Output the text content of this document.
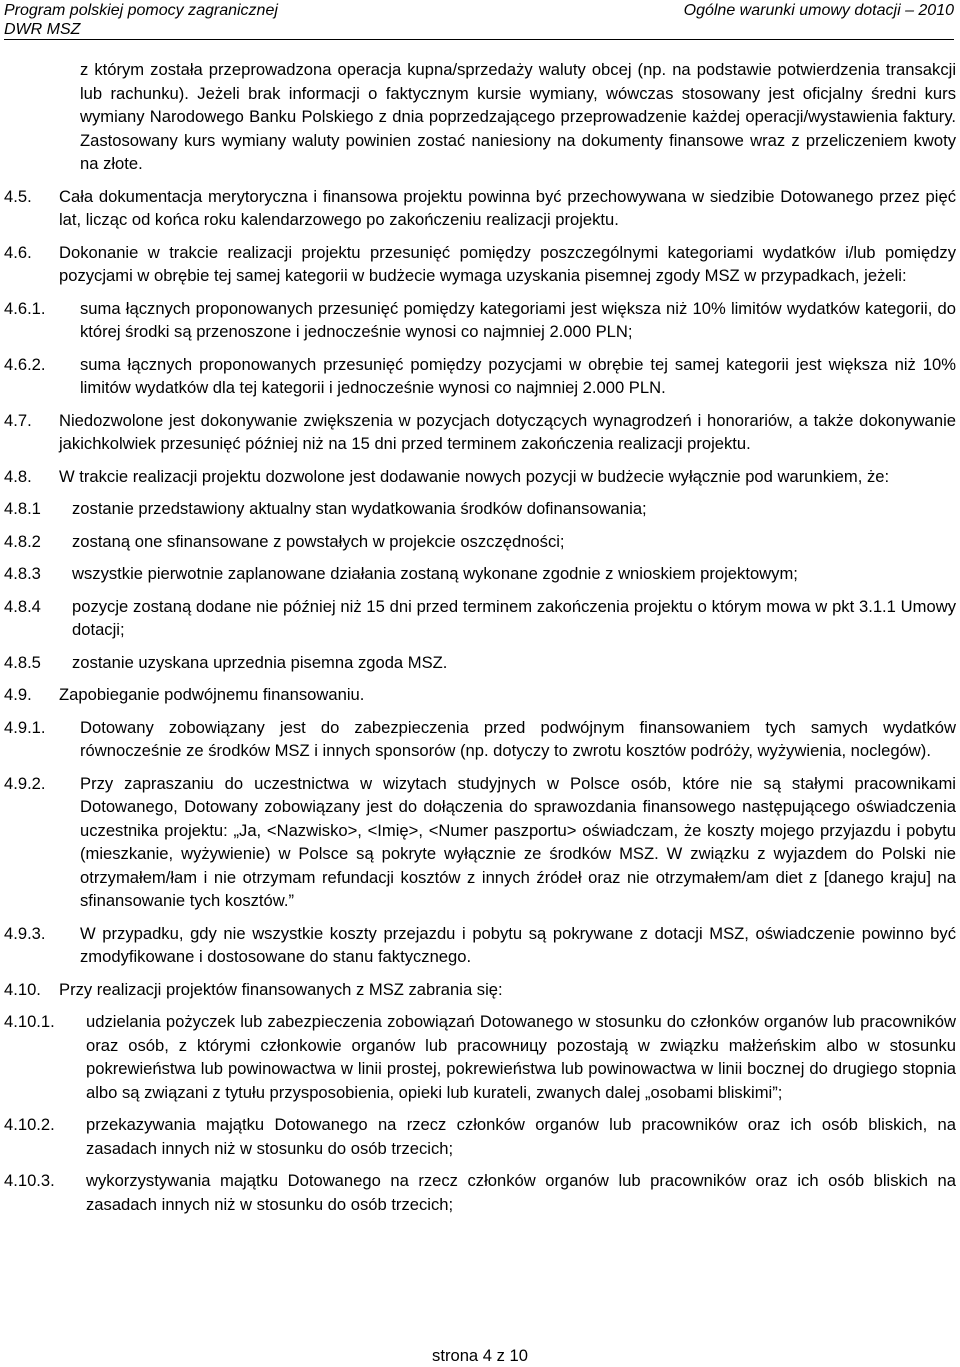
Program polskiej pomocy zagranicznej
DWR MSZ
Ogólne warunki umowy dotacji – 2010
z którym została przeprowadzona operacja kupna/sprzedaży waluty obcej (np. na podstawie potwierdzenia transakcji lub rachunku). Jeżeli brak informacji o faktycznym kursie wymiany, wówczas stosowany jest oficjalny średni kurs wymiany Narodowego Banku Polskiego z dnia poprzedzającego przeprowadzenie każdej operacji/wystawienia faktury. Zastosowany kurs wymiany waluty powinien zostać naniesiony na dokumenty finansowe wraz z przeliczeniem kwoty na złote.
4.5.	Cała dokumentacja merytoryczna i finansowa projektu powinna być przechowywana w siedzibie Dotowanego przez pięć lat, licząc od końca roku kalendarzowego po zakończeniu realizacji projektu.
4.6.	Dokonanie w trakcie realizacji projektu przesunięć pomiędzy poszczególnymi kategoriami wydatków i/lub pomiędzy pozycjami w obrębie tej samej kategorii w budżecie wymaga uzyskania pisemnej zgody MSZ w przypadkach, jeżeli:
4.6.1.	suma łącznych proponowanych przesunięć pomiędzy kategoriami jest większa niż 10% limitów wydatków kategorii, do której środki są przenoszone i jednocześnie wynosi co najmniej 2.000 PLN;
4.6.2.	suma łącznych proponowanych przesunięć pomiędzy pozycjami w obrębie tej samej kategorii jest większa niż 10% limitów wydatków dla tej kategorii i jednocześnie wynosi co najmniej 2.000 PLN.
4.7.	Niedozwolone jest dokonywanie zwiększenia w pozycjach dotyczących wynagrodzeń i honorariów, a także dokonywanie jakichkolwiek przesunięć później niż na 15 dni przed terminem zakończenia realizacji projektu.
4.8.	W trakcie realizacji projektu dozwolone jest dodawanie nowych pozycji w budżecie wyłącznie pod warunkiem, że:
4.8.1	zostanie przedstawiony aktualny stan wydatkowania środków dofinansowania;
4.8.2	zostaną one sfinansowane z powstałych w projekcie oszczędności;
4.8.3	wszystkie pierwotnie zaplanowane działania zostaną wykonane zgodnie z wnioskiem projektowym;
4.8.4	pozycje zostaną dodane nie później niż 15 dni przed terminem zakończenia projektu o którym mowa w pkt 3.1.1 Umowy dotacji;
4.8.5	zostanie uzyskana uprzednia pisemna zgoda MSZ.
4.9.	Zapobieganie podwójnemu finansowaniu.
4.9.1.	Dotowany zobowiązany jest do zabezpieczenia przed podwójnym finansowaniem tych samych wydatków równocześnie ze środków MSZ i innych sponsorów (np. dotyczy to zwrotu kosztów podróży, wyżywienia, noclegów).
4.9.2.	Przy zapraszaniu do uczestnictwa w wizytach studyjnych w Polsce osób, które nie są stałymi pracownikami Dotowanego, Dotowany zobowiązany jest do dołączenia do sprawozdania finansowego następującego oświadczenia uczestnika projektu: „Ja, <Nazwisko>, <Imię>, <Numer paszportu> oświadczam, że koszty mojego przyjazdu i pobytu (mieszkanie, wyżywienie) w Polsce są pokryte wyłącznie ze środków MSZ. W związku z wyjazdem do Polski nie otrzymałem/łam i nie otrzymam refundacji kosztów z innych źródeł oraz nie otrzymałem/am diet z [danego kraju] na sfinansowanie tych kosztów.”
4.9.3.	W przypadku, gdy nie wszystkie koszty przejazdu i pobytu są pokrywane z dotacji MSZ, oświadczenie powinno być zmodyfikowane i dostosowane do stanu faktycznego.
4.10.	Przy realizacji projektów finansowanych z MSZ zabrania się:
4.10.1.	udzielania pożyczek lub zabezpieczenia zobowiązań Dotowanego w stosunku do członków organów lub pracowników oraz osób, z którymi członkowie organów lub pracowницy pozostają w związku małżeńskim albo w stosunku pokrewieństwa lub powinowactwa w linii prostej, pokrewieństwa lub powinowactwa w linii bocznej do drugiego stopnia albo są związani z tytułu przysposobienia, opieki lub kurateli, zwanych dalej „osobami bliskimi”;
4.10.2.	przekazywania majątku Dotowanego na rzecz członków organów lub pracowników oraz ich osób bliskich, na zasadach innych niż w stosunku do osób trzecich;
4.10.3.	wykorzystywania majątku Dotowanego na rzecz członków organów lub pracowników oraz ich osób bliskich na zasadach innych niż w stosunku do osób trzecich;
strona 4 z 10
